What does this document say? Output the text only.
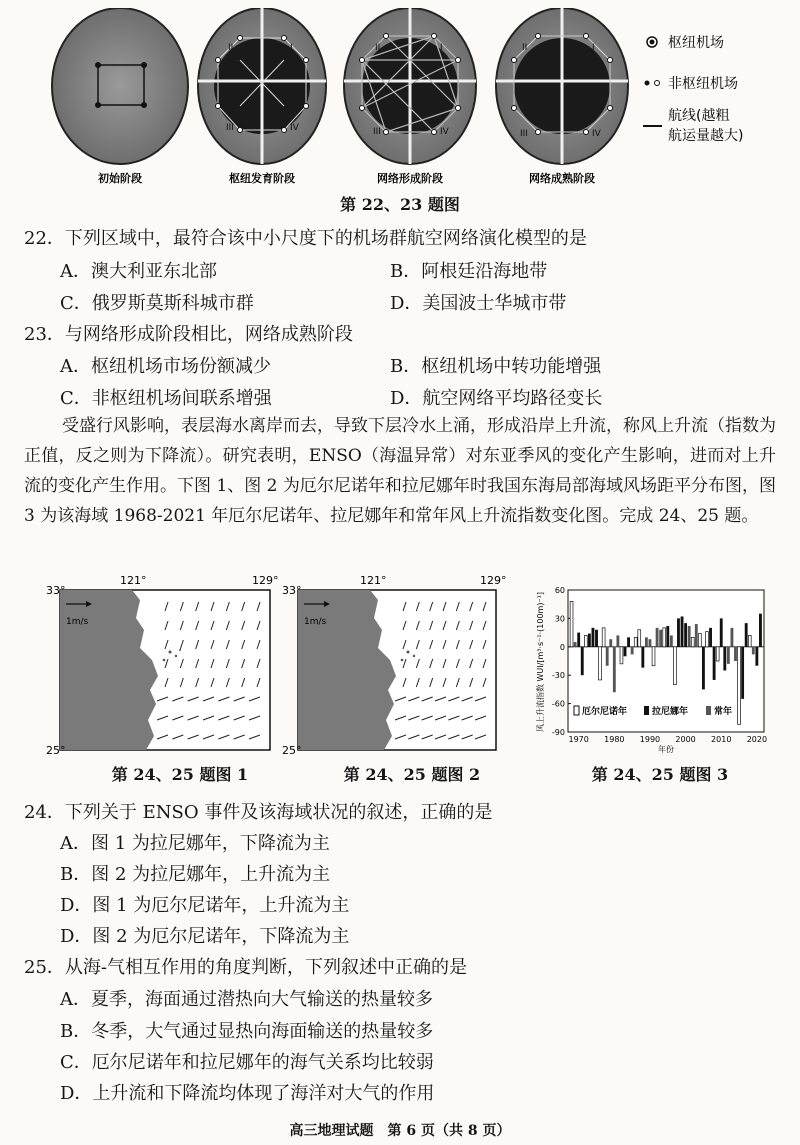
II	I
III	IV
II	I
III	IV
II	I
III	IV
初始阶段	枢纽发育阶段	网络形成阶段	网络成熟阶段
枢纽机场
非枢纽机场
航线(越粗航运量越大)
第 22、23 题图
22．下列区域中，最符合该中小尺度下的机场群航空网络演化模型的是
A．澳大利亚东北部	B．阿根廷沿海地带
C．俄罗斯莫斯科城市群	D．美国波士华城市带
23．与网络形成阶段相比，网络成熟阶段
A．枢纽机场市场份额减少	B．枢纽机场中转功能增强
C．非枢纽机场间联系增强	D．航空网络平均路径变长
受盛行风影响，表层海水离岸而去，导致下层冷水上涌，形成沿岸上升流，称风上升流（指数为正值，反之则为下降流）。研究表明，ENSO（海温异常）对东亚季风的变化产生影响，进而对上升流的变化产生作用。下图 1、图 2 为厄尔尼诺年和拉尼娜年时我国东海局部海域风场距平分布图，图 3 为该海域 1968-2021 年厄尔尼诺年、拉尼娜年和常年风上升流指数变化图。完成 24、25 题。
1m/s
33°
25°
121°	129°
1m/s
33°
25°
121°	129°
60
30
0
-30
-60
-90
1970 1980 1990 2000 2010 2020
风上升流指数 WUI/[m³·s⁻¹·(100m)⁻¹]
年份
厄尔尼诺年	拉尼娜年	常年
第 24、25 题图 1	第 24、25 题图 2	第 24、25 题图 3
24．下列关于 ENSO 事件及该海域状况的叙述，正确的是
A．图 1 为拉尼娜年，下降流为主
B．图 2 为拉尼娜年，上升流为主
D．图 1 为厄尔尼诺年，上升流为主
D．图 2 为厄尔尼诺年，下降流为主
25．从海-气相互作用的角度判断，下列叙述中正确的是
A．夏季，海面通过潜热向大气输送的热量较多
B．冬季，大气通过显热向海面输送的热量较多
C．厄尔尼诺年和拉尼娜年的海气关系均比较弱
D．上升流和下降流均体现了海洋对大气的作用
高三地理试题　第 6 页（共 8 页）
